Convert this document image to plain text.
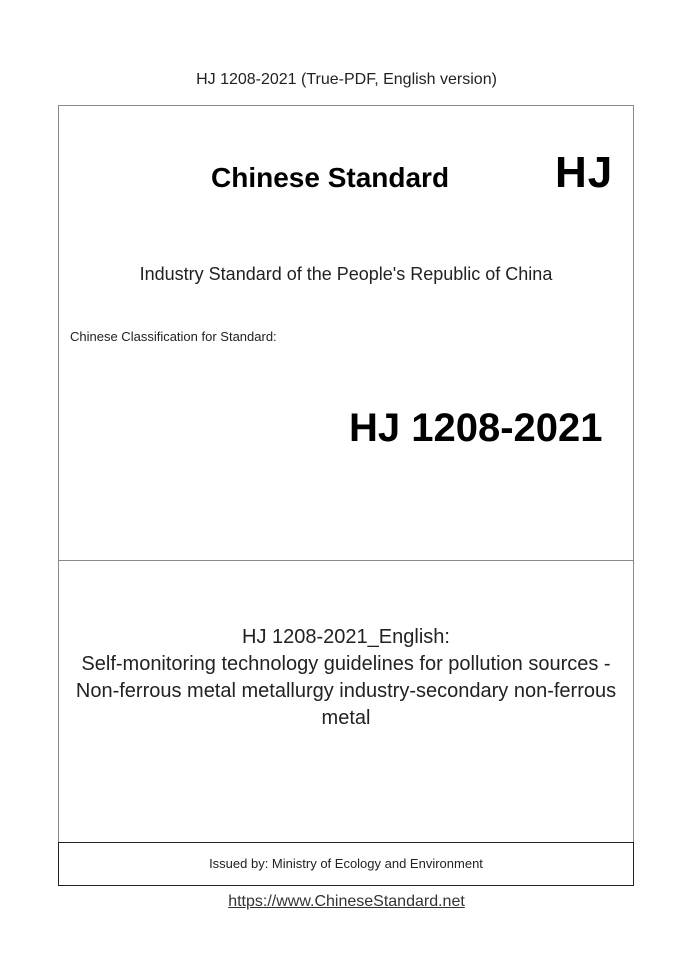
HJ 1208-2021 (True-PDF, English version)
Chinese Standard HJ
Industry Standard of the People's Republic of China
Chinese Classification for Standard:
HJ 1208-2021
HJ 1208-2021_English:
Self-monitoring technology guidelines for pollution sources -
Non-ferrous metal metallurgy industry-secondary non-ferrous
metal
Issued by: Ministry of Ecology and Environment
https://www.ChineseStandard.net
